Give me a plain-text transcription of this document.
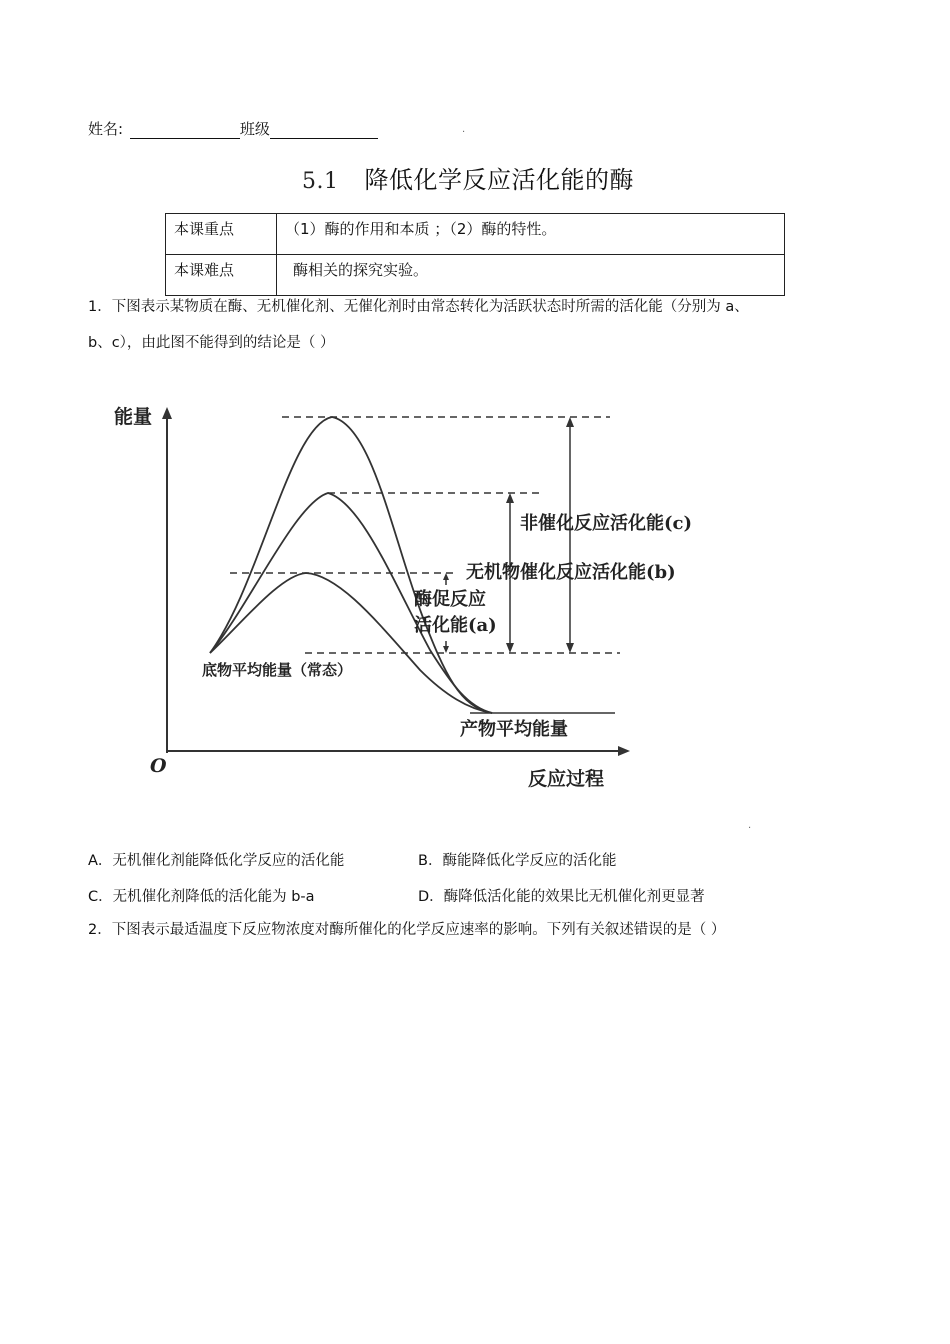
姓名:	班级	.
5.1 降低化学反应活化能的酶
本课重点	（1）酶的作用和本质 ；（2）酶的特性。
本课难点	酶相关的探究实验。
1．下图表示某物质在酶、无机催化剂、无催化剂时由常态转化为活跃状态时所需的活化能（分别为 a、
b、c），由此图不能得到的结论是（ ）
能量
反应过程
O
非催化反应活化能(c)
无机物催化反应活化能(b)
酶促反应
活化能(a)
底物平均能量（常态）
产物平均能量
.
A．无机催化剂能降低化学反应的活化能	B．酶能降低化学反应的活化能
C．无机催化剂降低的活化能为 b-a	D．酶降低活化能的效果比无机催化剂更显著
2．下图表示最适温度下反应物浓度对酶所催化的化学反应速率的影响。下列有关叙述错误的是（ ）
